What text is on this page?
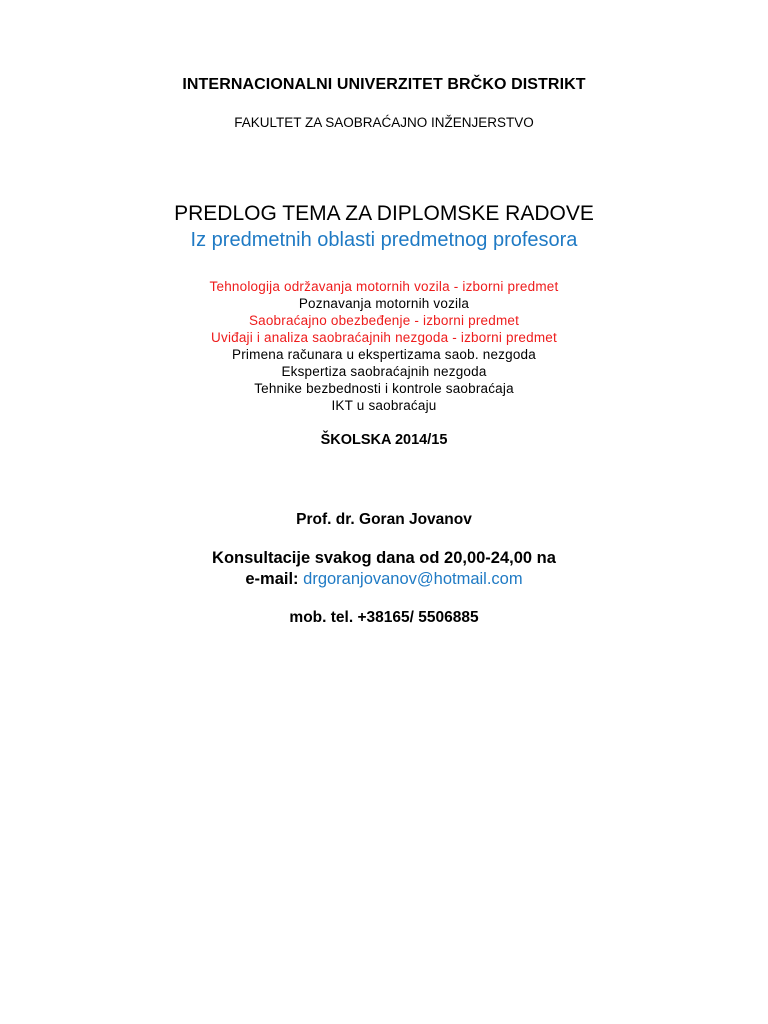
INTERNACIONALNI UNIVERZITET BRČKO DISTRIKT
FAKULTET ZA SAOBRAĆAJNO INŽENJERSTVO
PREDLOG TEMA ZA DIPLOMSKE RADOVE
Iz predmetnih oblasti predmetnog profesora
Tehnologija održavanja motornih vozila - izborni predmet
Poznavanja motornih vozila
Saobraćajno obezbeđenje - izborni predmet
Uviđaji i analiza saobraćajnih nezgoda - izborni predmet
Primena računara u ekspertizama saob. nezgoda
Ekspertiza saobraćajnih nezgoda
Tehnike bezbednosti i kontrole saobraćaja
IKT u saobraćaju
ŠKOLSKA 2014/15
Prof. dr. Goran Jovanov
Konsultacije svakog dana od 20,00-24,00 na
e-mail: drgoranjovanov@hotmail.com
mob. tel. +38165/ 5506885
